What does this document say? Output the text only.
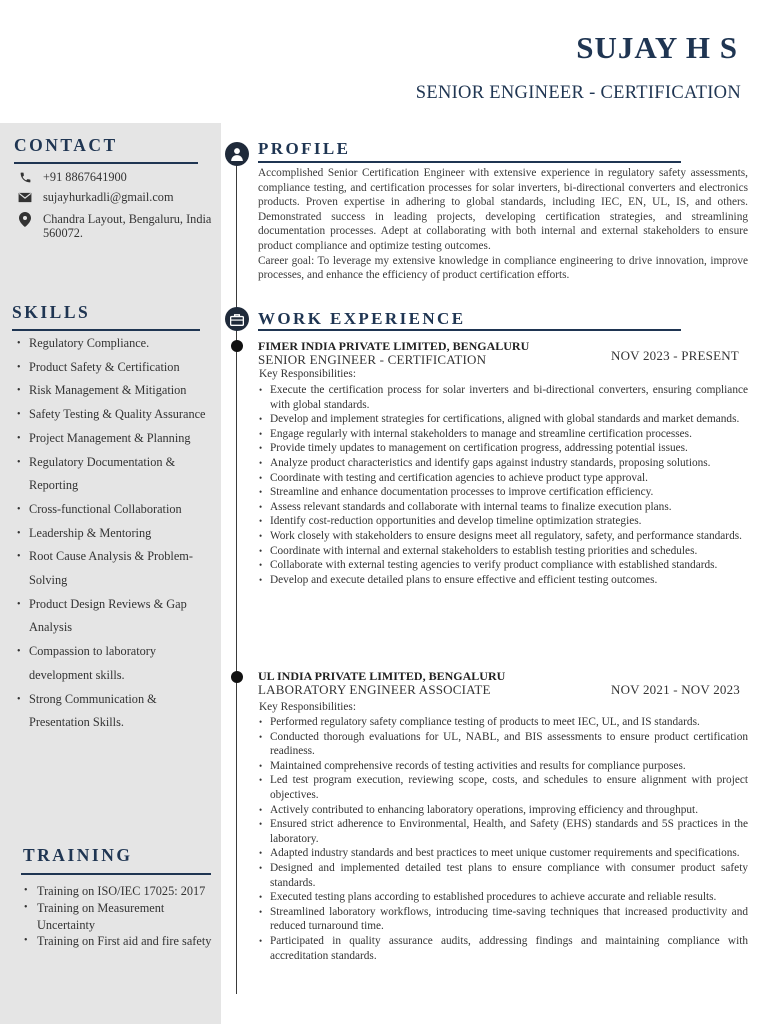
SUJAY H S
SENIOR ENGINEER - CERTIFICATION
CONTACT
+91 8867641900
sujayhurkadli@gmail.com
Chandra Layout, Bengaluru, India 560072.
SKILLS
• Regulatory Compliance.
• Product Safety & Certification
• Risk Management & Mitigation
• Safety Testing & Quality Assurance
• Project Management & Planning
• Regulatory Documentation & Reporting
• Cross-functional Collaboration
• Leadership & Mentoring
• Root Cause Analysis & Problem-Solving
• Product Design Reviews & Gap Analysis
• Compassion to laboratory development skills.
• Strong Communication & Presentation Skills.
TRAINING
• Training on ISO/IEC 17025: 2017
• Training on Measurement Uncertainty
• Training on First aid and fire safety
PROFILE
Accomplished Senior Certification Engineer with extensive experience in regulatory safety assessments, compliance testing, and certification processes for solar inverters, bi-directional converters and electronics products. Proven expertise in adhering to global standards, including IEC, EN, UL, IS, and others. Demonstrated success in leading projects, developing certification strategies, and streamlining documentation processes. Adept at collaborating with both internal and external stakeholders to ensure product compliance and optimize testing outcomes.
Career goal: To leverage my extensive knowledge in compliance engineering to drive innovation, improve processes, and enhance the efficiency of product certification efforts.
WORK EXPERIENCE
FIMER INDIA PRIVATE LIMITED, BENGALURU
SENIOR ENGINEER - CERTIFICATION	NOV 2023 - PRESENT
Key Responsibilities:
• Execute the certification process for solar inverters and bi-directional converters, ensuring compliance with global standards.
• Develop and implement strategies for certifications, aligned with global standards and market demands.
• Engage regularly with internal stakeholders to manage and streamline certification processes.
• Provide timely updates to management on certification progress, addressing potential issues.
• Analyze product characteristics and identify gaps against industry standards, proposing solutions.
• Coordinate with testing and certification agencies to achieve product type approval.
• Streamline and enhance documentation processes to improve certification efficiency.
• Assess relevant standards and collaborate with internal teams to finalize execution plans.
• Identify cost-reduction opportunities and develop timeline optimization strategies.
• Work closely with stakeholders to ensure designs meet all regulatory, safety, and performance standards.
• Coordinate with internal and external stakeholders to establish testing priorities and schedules.
• Collaborate with external testing agencies to verify product compliance with established standards.
• Develop and execute detailed plans to ensure effective and efficient testing outcomes.
UL INDIA PRIVATE LIMITED, BENGALURU
LABORATORY ENGINEER ASSOCIATE	NOV 2021 - NOV 2023
Key Responsibilities:
• Performed regulatory safety compliance testing of products to meet IEC, UL, and IS standards.
• Conducted thorough evaluations for UL, NABL, and BIS assessments to ensure product certification readiness.
• Maintained comprehensive records of testing activities and results for compliance purposes.
• Led test program execution, reviewing scope, costs, and schedules to ensure alignment with project objectives.
• Actively contributed to enhancing laboratory operations, improving efficiency and throughput.
• Ensured strict adherence to Environmental, Health, and Safety (EHS) standards and 5S practices in the laboratory.
• Adapted industry standards and best practices to meet unique customer requirements and specifications.
• Designed and implemented detailed test plans to ensure compliance with consumer product safety standards.
• Executed testing plans according to established procedures to achieve accurate and reliable results.
• Streamlined laboratory workflows, introducing time-saving techniques that increased productivity and reduced turnaround time.
• Participated in quality assurance audits, addressing findings and maintaining compliance with accreditation standards.
